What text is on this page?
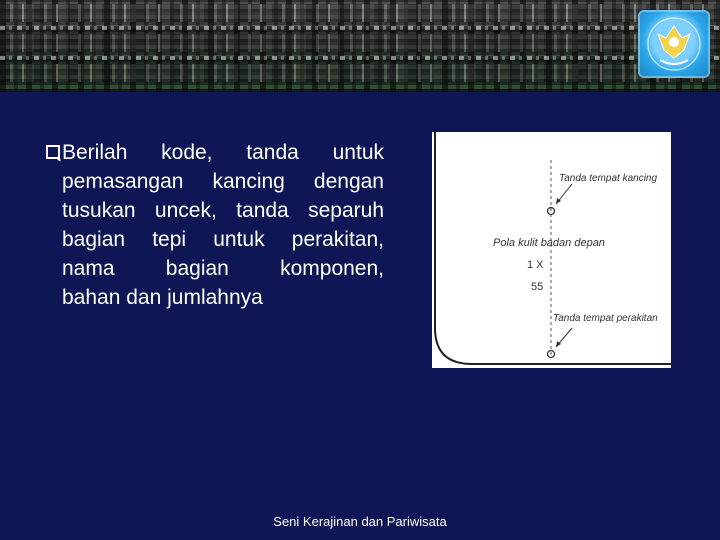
Berilah kode, tanda untuk
pemasangan kancing dengan
tusukan uncek, tanda separuh
bagian tepi untuk perakitan,
nama bagian komponen,
bahan dan jumlahnya
Tanda tempat kancing
Pola kulit badan depan
1 X
55
Tanda tempat perakitan
Seni Kerajinan dan Pariwisata
